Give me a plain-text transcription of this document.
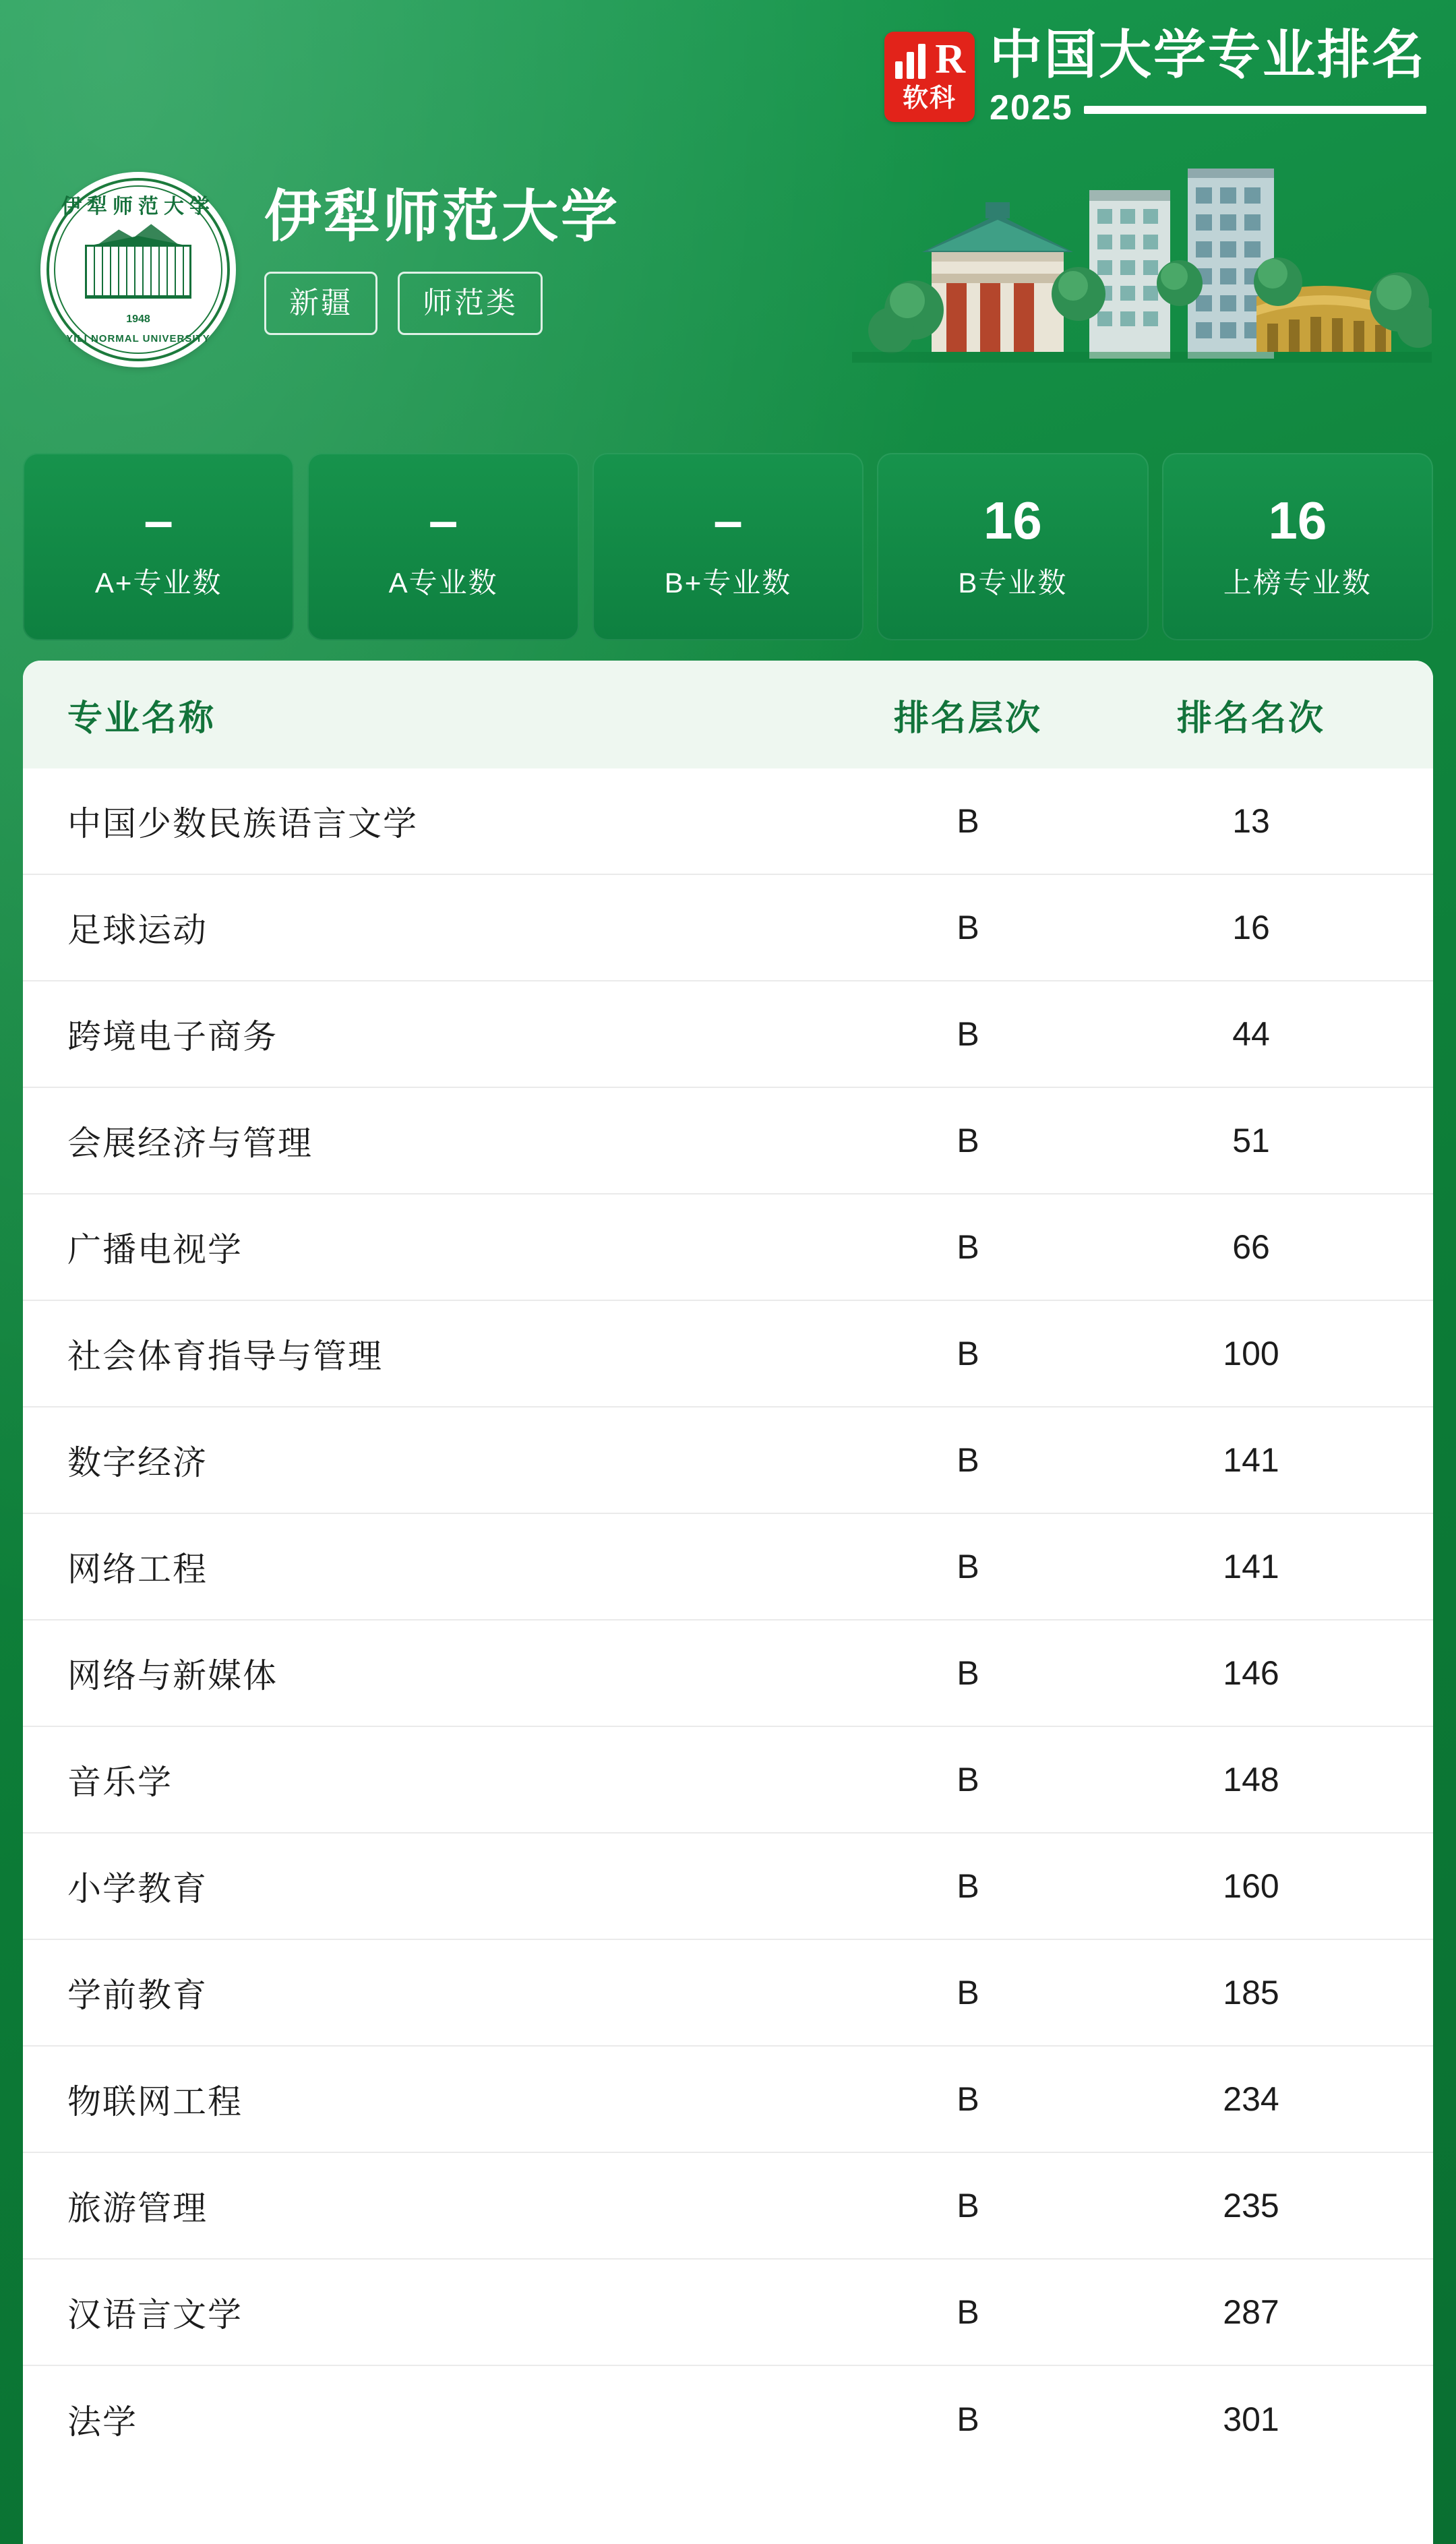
R
软科
中国大学专业排名
2025
伊犁师范大学
1948
YILI NORMAL UNIVERSITY
伊犁师范大学
新疆	师范类
–
A+专业数
–
A专业数
–
B+专业数
16
B专业数
16
上榜专业数
专业名称	排名层次	排名名次
中国少数民族语言文学	B	13
足球运动	B	16
跨境电子商务	B	44
会展经济与管理	B	51
广播电视学	B	66
社会体育指导与管理	B	100
数字经济	B	141
网络工程	B	141
网络与新媒体	B	146
音乐学	B	148
小学教育	B	160
学前教育	B	185
物联网工程	B	234
旅游管理	B	235
汉语言文学	B	287
法学	B	301
